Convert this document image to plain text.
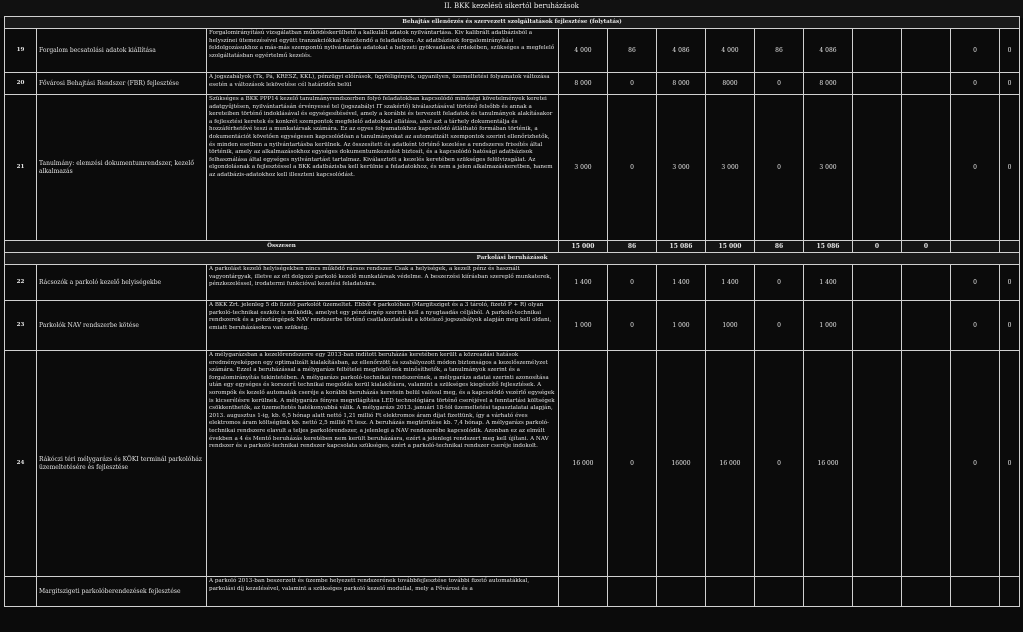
II. BKK kezelésü sikertól beruházások
Behajtás ellenőrzés és szervezett szolgáltatások fejlesztése (folytatás)												
19	Forgalom becsatolási adatok kiállítása	Forgalomirányítású vizsgálatban működéskerülhető a kalkulált adatok nyilvántartása. Kiv kalibrált adatbázisból a helyszínei ütemezésével együtt tranzakciókkal készítendő a feladatokon. Az adatbázisok forgalomirányítási feldolgozásukhoz a más-más szempontú nyilvántartás adatokat a helyzeti gyökvadások érdekében, szükséges a megfelelő szolgáltatásban egyértelmű kezelés.	4 000	86	4 086	4 000	86	4 086			0	0
20	Fővárosi Behajtási Rendszer (FBR) fejlesztése	A jogszabályok (Tk, Pá, KRESZ, KKL), pénzügyi előírások, ügyféligények, ugyanilyen, üzemeltetési folyamatok változása esetén a változások lekövetése cél határidőn belül	8 000	0	8 000	8000	0	8 000			0	0
21	Tanulmány: elemzési dokumentumrendszer, kezelő alkalmazás	Szükséges a BKK PPP14 kezelő tanulmányrendszerben folyó feladatokban kapcsolódó minőségi követelmények keretei adatgyűjtésen, nyilvántartásán érvényessé tel (jogszabályi IT szakértő) kiválasztásával történő felsőbb és annak a kereteiben történő indoklásával és egységesítésével, amely a korábbi és tervezett feladatok és tanulmányok alakításakor a fejlesztési keretek és konkrét szempontok megfelelő adatokkal ellátása, ahol azt a tárhely dokumentálja és hozzáférhetővé teszi a munkatársak számára. Ez az egyes folyamatokhoz kapcsolódó átlátható formában történik, a dokumentációt követően egységesen kapcsolódóan a tanulmányokat az automatizált szempontok szerint ellenőrizhetők, és minden esetben a nyilvántartásba kerülnek. Az összesített és adatként történő kezelése a rendszeres frissítés által történik, amely az alkalmazásokhoz egységes dokumentumkezelést biztosít, és a kapcsolódó hatósági adatbázisok felhasználása által egységes nyilvántartást tartalmaz. Kiválasztott a kezelés keretében szükséges felülvizsgálat. Az elgondolásnak a fejlesztéssel a BKK adatbázisba kell kerülnie a feladatokhoz, és nem a jelen alkalmazáskeretben, hanem az adatbázis-adatokhoz kell illeszteni kapcsolódást.	3 000	0	3 000	3 000	0	3 000			0	0
Összesen			15 000	86	15 086	15 000	86	15 086	0	0		
Parkolási beruházások												
22	Rácsozók a parkoló kezelő helyiségekbe	A parkolást kezelő helyiségekben nincs működő rácsos rendszer. Csak a helyiségek, a kezelt pénz és használt vagyontárgyak, illetve az ott dolgozó parkoló kezelő munkatársak védelme. A beszerzési kiírásban szereplő munkaterek, pénzkezeléssel, irodatermi funkcióval kezelési feladatokra.	1 400	0	1 400	1 400	0	1 400			0	0
23	Parkolók NAV rendszerbe kötése	A BKK Zrt. jelenleg 5 db fizető parkolót üzemeltet. Ebből 4 parkolóban (Margitsziget és a 3 tároló, fizető P + R) olyan parkoló-technikai eszköz is működik, amelyet egy pénztárgép szerinti kell a nyugtaadás céljából. A parkoló-technikai rendszerek és a pénztárgépek NAV rendszerbe történő csatlakoztatását a kötelező jogszabályok alapján meg kell oldani, emiatt beruházásokra van szükség.	1 000	0	1 000	1000	0	1 000			0	0
24	Rákóczi téri mélygarázs és KÖKI terminál parkolóház üzemeltetésére és fejlesztése	A mélygarázsban a kezelőrendszerre egy 2013-ban indított beruházás keretében került a közreadási hatások eredményeképpen egy optimalizált kialakításban, az ellenőrzött és szabályozott módon biztonságos a kezelőszemélyzet számára. Ezzel a beruházással a mélygarázs feltételei megfelelőnek minősíthetők, a tanulmányok szerint és a forgalomirányítás tekintetében. A mélygarázs parkoló-technikai rendszerének, a mélygarázs adatai szerinti azonosítása után egy egységes és korszerű technikai megoldás kerül kialakításra, valamint a szükséges kiegészítő fejlesztések. A sorompók és kezelő automaták cseréje a korábbi beruházás keretein belül valósul meg, és a kapcsolódó vezérlő egységek is kicserélésre kerülnek. A mélygarázs fényes megvilágítása LED technológiára történő cseréjével a fenntartási költségek csökkenthetők, az üzemeltetés hatékonyabbá válik. A mélygarázs 2013. januári 18-tól üzemeltetési tapasztalatai alapján, 2013. augusztus 1-ig, kb. 6,5 hónap alatt nettó 1,21 millió Ft elektromos áram díjat fizettünk, így a várható éves elektromos áram költségünk kb. nettó 2,5 millió Ft lesz. A beruházás megtérülése kb. 7,4 hónap. A mélygarázs parkoló-technikai rendszere elavult a teljes parkolórendszer, a jelenlegi a NAV rendszerébe kapcsolódik. Azonban ez az elmúlt években a 4 és Mentő beruházás keretében nem került beruházásra, ezért a jelenlegi rendszert meg kell újítani. A NAV rendszer és a parkoló-technikai rendszer kapcsolata szükséges, ezért a parkoló-technikai rendszer cseréje indokolt.	16 000	0	16000	16 000	0	16 000			0	0
	Margitszigeti parkolóberendezések fejlesztése	A parkoló 2013-ban beszerzett és üzembe helyezett rendszerének továbbfejlesztése további fizető automatákkal, parkolási díj kezelésével, valamint a szükséges parkoló kezelő modullal, mely a Fővárosi és a										
